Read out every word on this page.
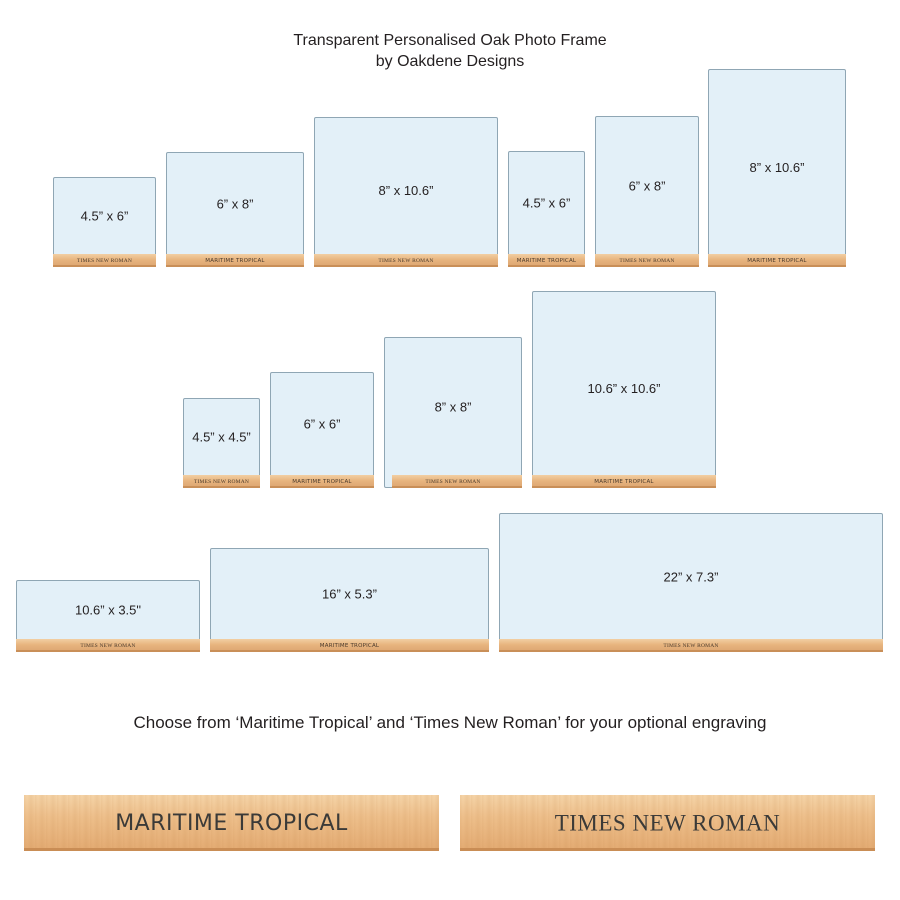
Transparent Personalised Oak Photo Frame
by Oakdene Designs
4.5” x 6”
TIMES NEW ROMAN
6” x 8”
MARITIME TROPICAL
8” x 10.6”
TIMES NEW ROMAN
4.5” x 6”
MARITIME TROPICAL
6” x 8”
TIMES NEW ROMAN
8” x 10.6”
MARITIME TROPICAL
4.5” x 4.5”
TIMES NEW ROMAN
6” x 6”
MARITIME TROPICAL
8” x 8”
TIMES NEW ROMAN
10.6” x 10.6”
MARITIME TROPICAL
10.6” x 3.5"
TIMES NEW ROMAN
16” x 5.3”
MARITIME TROPICAL
22” x 7.3”
TIMES NEW ROMAN
Choose from ‘Maritime Tropical’ and ‘Times New Roman’ for your optional engraving
MARITIME TROPICAL	TIMES NEW ROMAN
